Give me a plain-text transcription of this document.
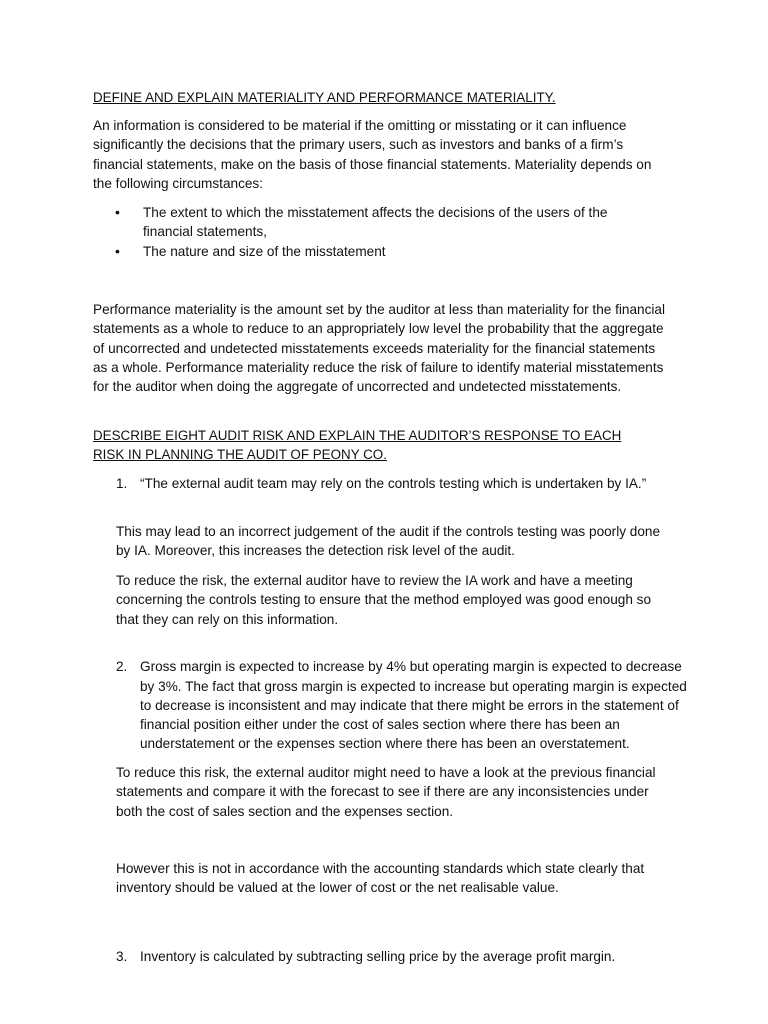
DEFINE AND EXPLAIN MATERIALITY AND PERFORMANCE MATERIALITY.

An information is considered to be material if the omitting or misstating or it can influence significantly the decisions that the primary users, such as investors and banks of a firm’s financial statements, make on the basis of those financial statements. Materiality depends on the following circumstances:

• The extent to which the misstatement affects the decisions of the users of the financial statements,
• The nature and size of the misstatement

Performance materiality is the amount set by the auditor at less than materiality for the financial statements as a whole to reduce to an appropriately low level the probability that the aggregate of uncorrected and undetected misstatements exceeds materiality for the financial statements as a whole. Performance materiality reduce the risk of failure to identify material misstatements for the auditor when doing the aggregate of uncorrected and undetected misstatements.

DESCRIBE EIGHT AUDIT RISK AND EXPLAIN THE AUDITOR’S RESPONSE TO EACH RISK IN PLANNING THE AUDIT OF PEONY CO.

1. “The external audit team may rely on the controls testing which is undertaken by IA.”

This may lead to an incorrect judgement of the audit if the controls testing was poorly done by IA. Moreover, this increases the detection risk level of the audit.

To reduce the risk, the external auditor have to review the IA work and have a meeting concerning the controls testing to ensure that the method employed was good enough so that they can rely on this information.

2. Gross margin is expected to increase by 4% but operating margin is expected to decrease by 3%. The fact that gross margin is expected to increase but operating margin is expected to decrease is inconsistent and may indicate that there might be errors in the statement of financial position either under the cost of sales section where there has been an understatement or the expenses section where there has been an overstatement.

To reduce this risk, the external auditor might need to have a look at the previous financial statements and compare it with the forecast to see if there are any inconsistencies under both the cost of sales section and the expenses section.

3. Inventory is calculated by subtracting selling price by the average profit margin.

However this is not in accordance with the accounting standards which state clearly that inventory should be valued at the lower of cost or the net realisable value.
